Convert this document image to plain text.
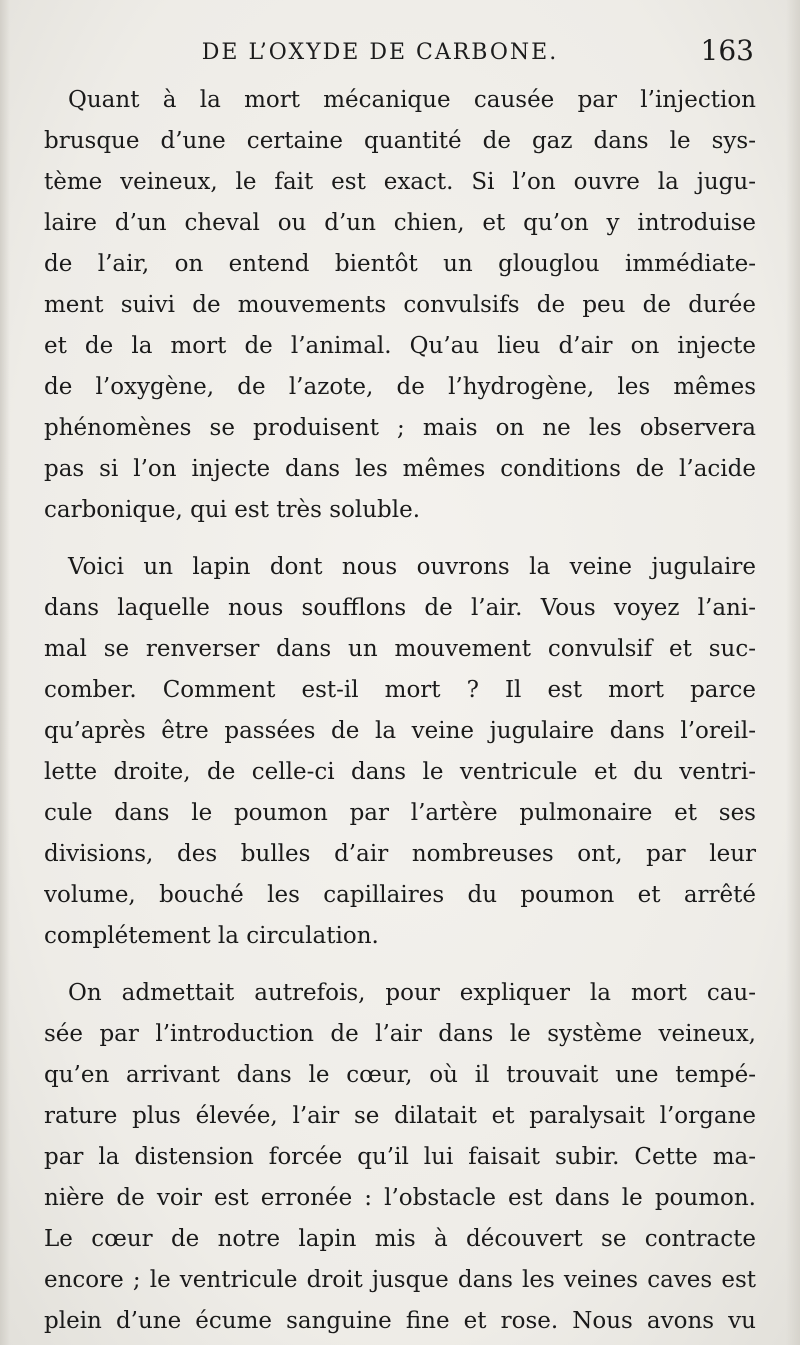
DE L’OXYDE DE CARBONE.	163
Quant à la mort mécanique causée par l’injection
brusque d’une certaine quantité de gaz dans le sys-
tème veineux, le fait est exact. Si l’on ouvre la jugu-
laire d’un cheval ou d’un chien, et qu’on y introduise
de l’air, on entend bientôt un glouglou immédiate-
ment suivi de mouvements convulsifs de peu de durée
et de la mort de l’animal. Qu’au lieu d’air on injecte
de l’oxygène, de l’azote, de l’hydrogène, les mêmes
phénomènes se produisent ; mais on ne les observera
pas si l’on injecte dans les mêmes conditions de l’acide
carbonique, qui est très soluble.
Voici un lapin dont nous ouvrons la veine jugulaire
dans laquelle nous soufflons de l’air. Vous voyez l’ani-
mal se renverser dans un mouvement convulsif et suc-
comber. Comment est-il mort ? Il est mort parce
qu’après être passées de la veine jugulaire dans l’oreil-
lette droite, de celle-ci dans le ventricule et du ventri-
cule dans le poumon par l’artère pulmonaire et ses
divisions, des bulles d’air nombreuses ont, par leur
volume, bouché les capillaires du poumon et arrêté
complétement la circulation.
On admettait autrefois, pour expliquer la mort cau-
sée par l’introduction de l’air dans le système veineux,
qu’en arrivant dans le cœur, où il trouvait une tempé-
rature plus élevée, l’air se dilatait et paralysait l’organe
par la distension forcée qu’il lui faisait subir. Cette ma-
nière de voir est erronée : l’obstacle est dans le poumon.
Le cœur de notre lapin mis à découvert se contracte
encore ; le ventricule droit jusque dans les veines caves est
plein d’une écume sanguine fine et rose. Nous avons vu
